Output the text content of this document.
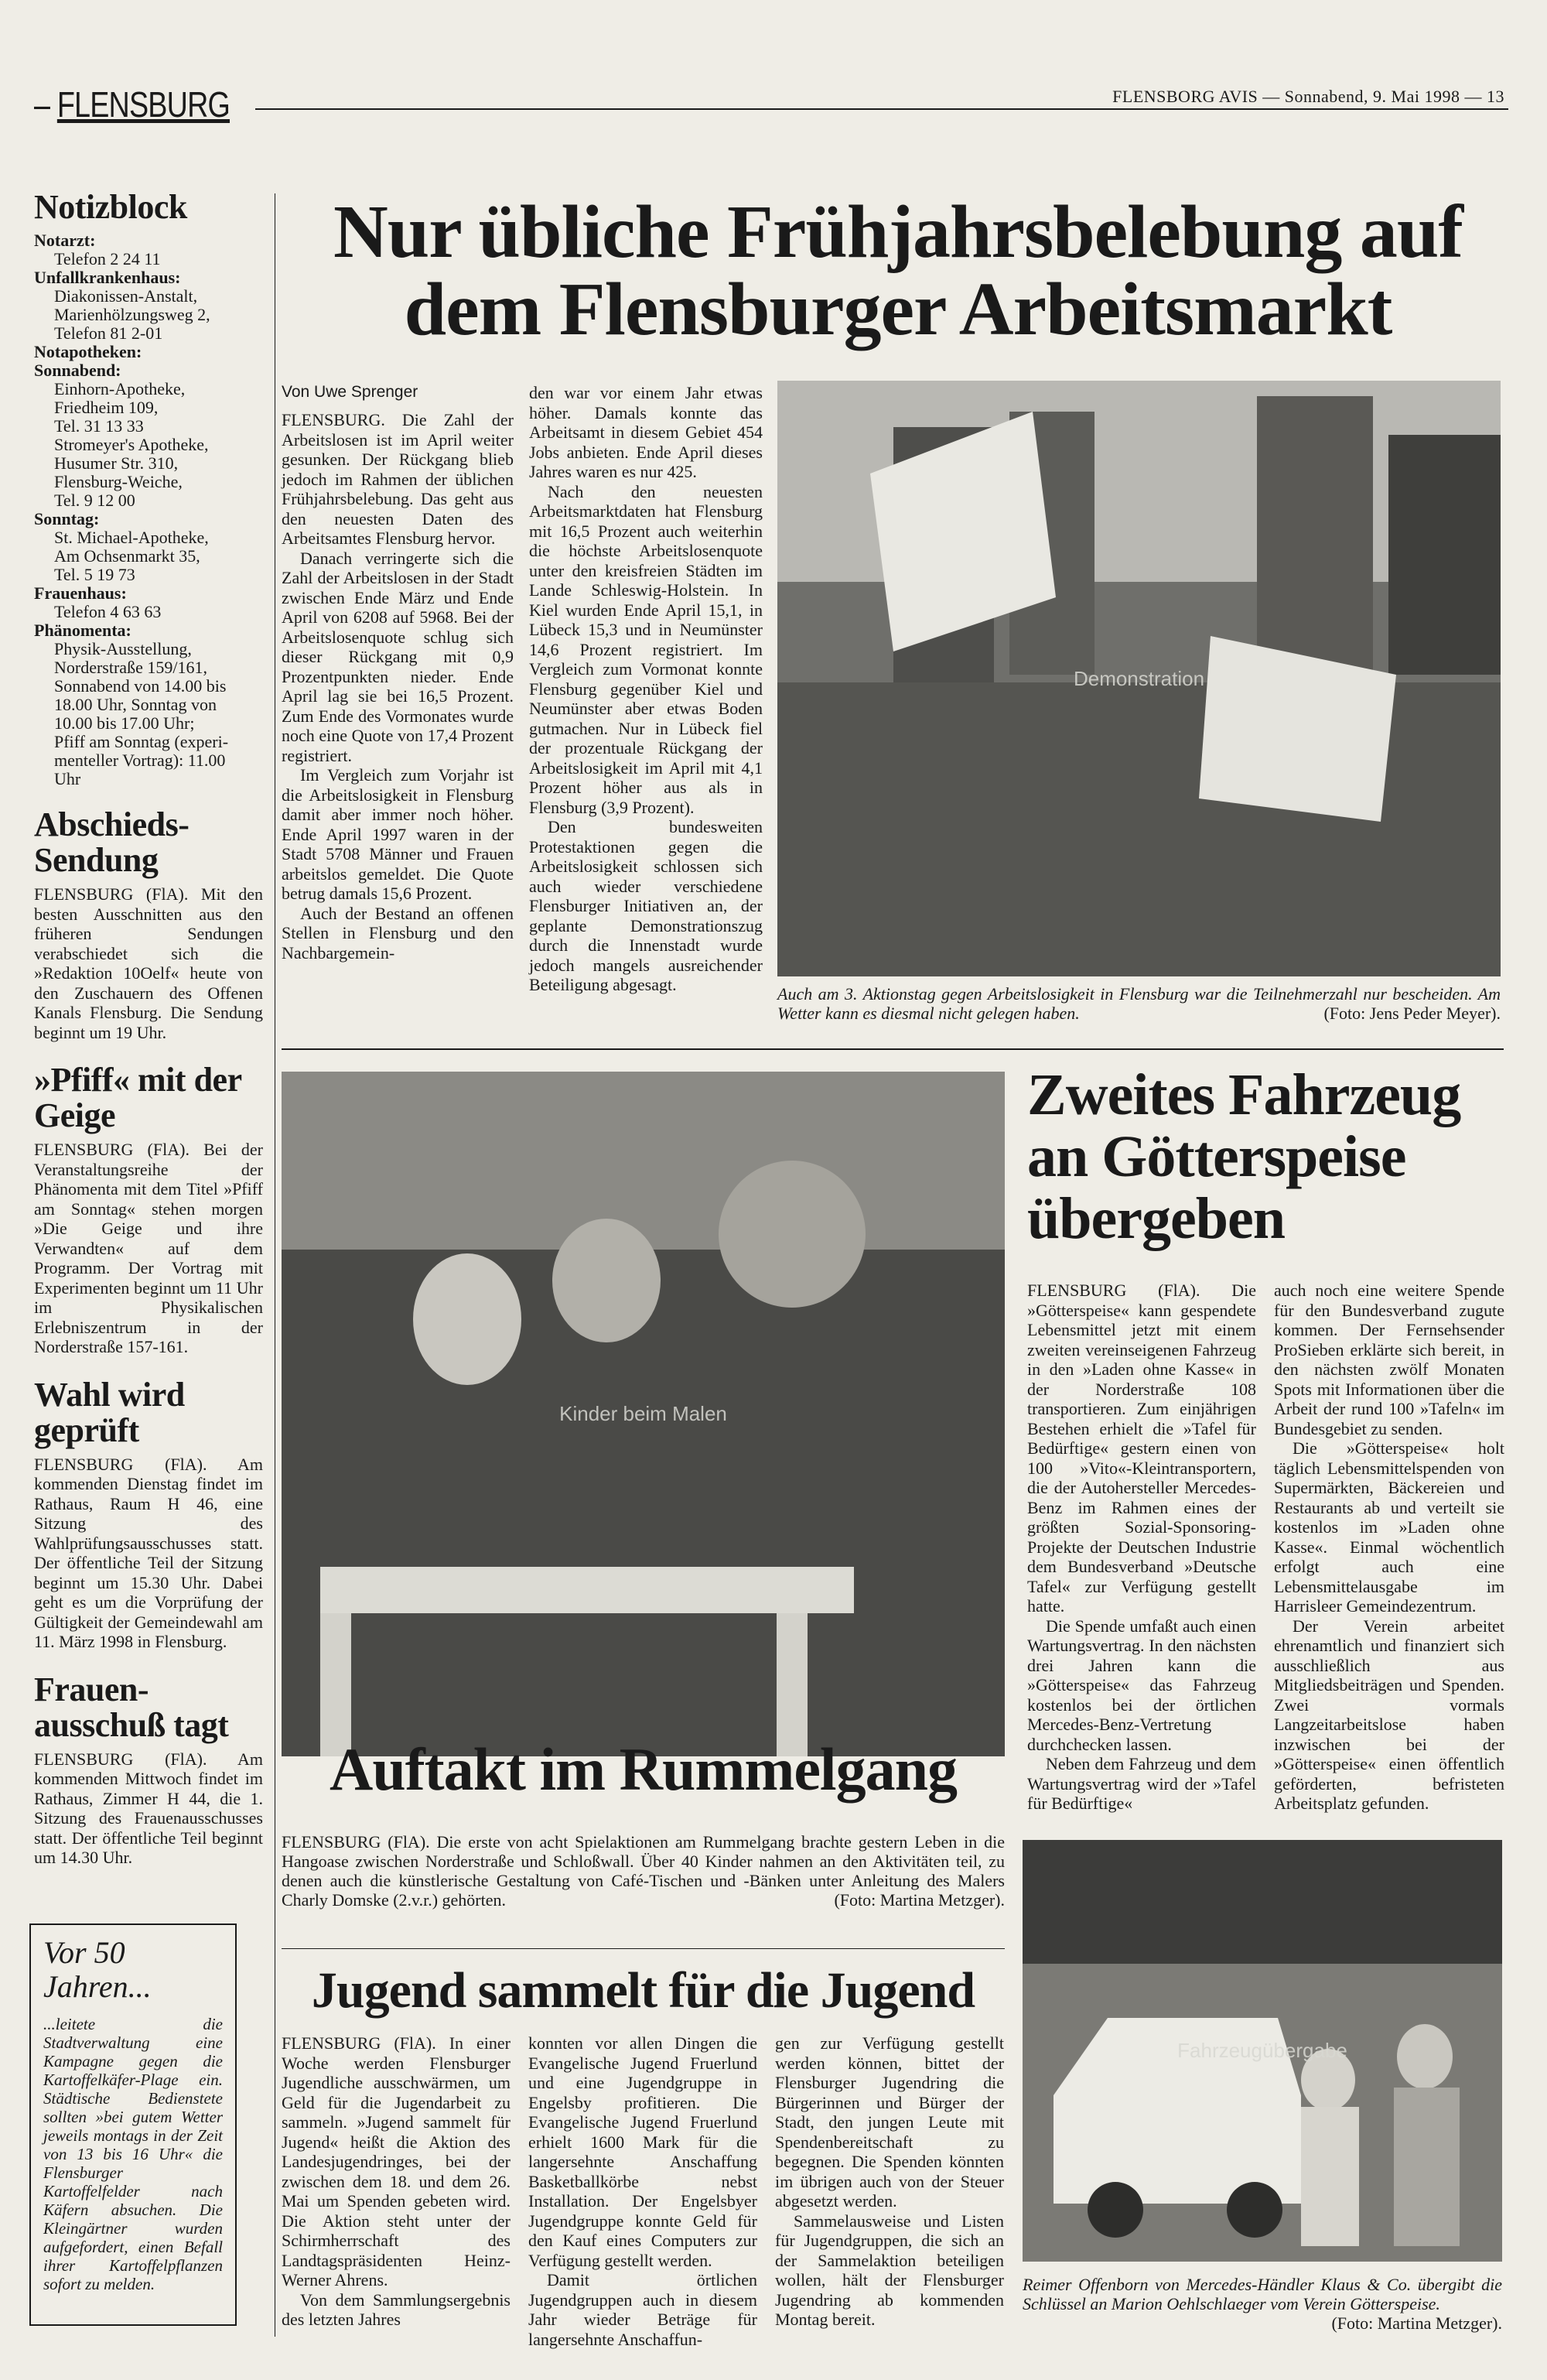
– FLENSBURG	FLENSBORG AVIS — Sonnabend, 9. Mai 1998 — 13
Notizblock
Notarzt:
Telefon 2 24 11
Unfallkrankenhaus:
Diakonissen-Anstalt,
Marienhölzungsweg 2,
Telefon 81 2-01
Notapotheken:
Sonnabend:
Einhorn-Apotheke,
Friedheim 109,
Tel. 31 13 33
Stromeyer's Apotheke,
Husumer Str. 310,
Flensburg-Weiche,
Tel. 9 12 00
Sonntag:
St. Michael-Apotheke,
Am Ochsenmarkt 35,
Tel. 5 19 73
Frauenhaus:
Telefon 4 63 63
Phänomenta:
Physik-Ausstellung,
Norderstraße 159/161,
Sonnabend von 14.00 bis
18.00 Uhr, Sonntag von
10.00 bis 17.00 Uhr;
Pfiff am Sonntag (experi-
menteller Vortrag): 11.00
Uhr
Abschieds-Sendung

FLENSBURG (FlA). Mit den besten Ausschnitten aus den früheren Sendungen verabschiedet sich die »Redaktion 10Oelf« heute von den Zuschauern des Offenen Kanals Flensburg. Die Sendung beginnt um 19 Uhr.

»Pfiff« mit der Geige

FLENSBURG (FlA). Bei der Veranstaltungsreihe der Phänomenta mit dem Titel »Pfiff am Sonntag« stehen morgen »Die Geige und ihre Verwandten« auf dem Programm. Der Vortrag mit Experimenten beginnt um 11 Uhr im Physikalischen Erlebniszentrum in der Norderstraße 157-161.

Wahl wird geprüft

FLENSBURG (FlA). Am kommenden Dienstag findet im Rathaus, Raum H 46, eine Sitzung des Wahlprüfungsausschusses statt. Der öffentliche Teil der Sitzung beginnt um 15.30 Uhr. Dabei geht es um die Vorprüfung der Gültigkeit der Gemeindewahl am 11. März 1998 in Flensburg.

Frauen-ausschuß tagt

FLENSBURG (FlA). Am kommenden Mittwoch findet im Rathaus, Zimmer H 44, die 1. Sitzung des Frauenausschusses statt. Der öffentliche Teil beginnt um 14.30 Uhr.

Vor 50 Jahren...

...leitete die Stadtverwaltung eine Kampagne gegen die Kartoffelkäfer-Plage ein. Städtische Bedienstete sollten »bei gutem Wetter jeweils montags in der Zeit von 13 bis 16 Uhr« die Flensburger Kartoffelfelder nach Käfern absuchen. Die Kleingärtner wurden aufgefordert, einen Befall ihrer Kartoffelpflanzen sofort zu melden.

Nur übliche Frühjahrsbelebung auf dem Flensburger Arbeitsmarkt
Von Uwe Sprenger

FLENSBURG. Die Zahl der Arbeitslosen ist im April weiter gesunken. Der Rückgang blieb jedoch im Rahmen der üblichen Frühjahrsbelebung. Das geht aus den neuesten Daten des Arbeitsamtes Flensburg hervor.

Danach verringerte sich die Zahl der Arbeitslosen in der Stadt zwischen Ende März und Ende April von 6208 auf 5968. Bei der Arbeitslosenquote schlug sich dieser Rückgang mit 0,9 Prozentpunkten nieder. Ende April lag sie bei 16,5 Prozent. Zum Ende des Vormonates wurde noch eine Quote von 17,4 Prozent registriert.

Im Vergleich zum Vorjahr ist die Arbeitslosigkeit in Flensburg damit aber immer noch höher. Ende April 1997 waren in der Stadt 5708 Männer und Frauen arbeitslos gemeldet. Die Quote betrug damals 15,6 Prozent.

Auch der Bestand an offenen Stellen in Flensburg und den Nachbargemein-

den war vor einem Jahr etwas höher. Damals konnte das Arbeitsamt in diesem Gebiet 454 Jobs anbieten. Ende April dieses Jahres waren es nur 425.

Nach den neuesten Arbeitsmarktdaten hat Flensburg mit 16,5 Prozent auch weiterhin die höchste Arbeitslosenquote unter den kreisfreien Städten im Lande Schleswig-Holstein. In Kiel wurden Ende April 15,1, in Lübeck 15,3 und in Neumünster 14,6 Prozent registriert. Im Vergleich zum Vormonat konnte Flensburg gegenüber Kiel und Neumünster aber etwas Boden gutmachen. Nur in Lübeck fiel der prozentuale Rückgang der Arbeitslosigkeit im April mit 4,1 Prozent höher aus als in Flensburg (3,9 Prozent).

Den bundesweiten Protestaktionen gegen die Arbeitslosigkeit schlossen sich auch wieder verschiedene Flensburger Initiativen an, der geplante Demonstrationszug durch die Innenstadt wurde jedoch mangels ausreichender Beteiligung abgesagt.

Demonstration
Auch am 3. Aktionstag gegen Arbeitslosigkeit in Flensburg war die Teilnehmerzahl nur bescheiden. Am Wetter kann es diesmal nicht gelegen haben.	(Foto: Jens Peder Meyer).
Kinder beim Malen
Auftakt im Rummelgang
FLENSBURG (FlA). Die erste von acht Spielaktionen am Rummelgang brachte gestern Leben in die Hangoase zwischen Norderstraße und Schloßwall. Über 40 Kinder nahmen an den Aktivitäten teil, zu denen auch die künstlerische Gestaltung von Café-Tischen und -Bänken unter Anleitung des Malers Charly Domske (2.v.r.) gehörten.	(Foto: Martina Metzger).
Jugend sammelt für die Jugend

FLENSBURG (FlA). In einer Woche werden Flensburger Jugendliche ausschwärmen, um Geld für die Jugendarbeit zu sammeln. »Jugend sammelt für Jugend« heißt die Aktion des Landesjugendringes, bei der zwischen dem 18. und dem 26. Mai um Spenden gebeten wird. Die Aktion steht unter der Schirmherrschaft des Landtagspräsidenten Heinz-Werner Ahrens.

Von dem Sammlungsergebnis des letzten Jahres

konnten vor allen Dingen die Evangelische Jugend Fruerlund und eine Jugendgruppe in Engelsby profitieren. Die Evangelische Jugend Fruerlund erhielt 1600 Mark für die langersehnte Anschaffung Basketballkörbe nebst Installation. Der Engelsbyer Jugendgruppe konnte Geld für den Kauf eines Computers zur Verfügung gestellt werden.

Damit örtlichen Jugendgruppen auch in diesem Jahr wieder Beträge für langersehnte Anschaffun-

gen zur Verfügung gestellt werden können, bittet der Flensburger Jugendring die Bürgerinnen und Bürger der Stadt, den jungen Leute mit Spendenbereitschaft zu begegnen. Die Spenden könnten im übrigen auch von der Steuer abgesetzt werden.

Sammelausweise und Listen für Jugendgruppen, die sich an der Sammelaktion beteiligen wollen, hält der Flensburger Jugendring ab kommenden Montag bereit.

Zweites Fahrzeug an Götterspeise übergeben

FLENSBURG (FlA). Die »Götterspeise« kann gespendete Lebensmittel jetzt mit einem zweiten vereinseigenen Fahrzeug in den »Laden ohne Kasse« in der Norderstraße 108 transportieren. Zum einjährigen Bestehen erhielt die »Tafel für Bedürftige« gestern einen von 100 »Vito«-Kleintransportern, die der Autohersteller Mercedes-Benz im Rahmen eines der größten Sozial-Sponsoring-Projekte der Deutschen Industrie dem Bundesverband »Deutsche Tafel« zur Verfügung gestellt hatte.

Die Spende umfaßt auch einen Wartungsvertrag. In den nächsten drei Jahren kann die »Götterspeise« das Fahrzeug kostenlos bei der örtlichen Mercedes-Benz-Vertretung durchchecken lassen.

Neben dem Fahrzeug und dem Wartungsvertrag wird der »Tafel für Bedürftige«

auch noch eine weitere Spende für den Bundesverband zugute kommen. Der Fernsehsender ProSieben erklärte sich bereit, in den nächsten zwölf Monaten Spots mit Informationen über die Arbeit der rund 100 »Tafeln« im Bundesgebiet zu senden.

Die »Götterspeise« holt täglich Lebensmittelspenden von Supermärkten, Bäckereien und Restaurants ab und verteilt sie kostenlos im »Laden ohne Kasse«. Einmal wöchentlich erfolgt auch eine Lebensmittelausgabe im Harrisleer Gemeindezentrum.

Der Verein arbeitet ehrenamtlich und finanziert sich ausschließlich aus Mitgliedsbeiträgen und Spenden. Zwei vormals Langzeitarbeitslose haben inzwischen bei der »Götterspeise« einen öffentlich geförderten, befristeten Arbeitsplatz gefunden.

Fahrzeugübergabe
Reimer Offenborn von Mercedes-Händler Klaus & Co. übergibt die Schlüssel an Marion Oehlschlaeger vom Verein Götterspeise.
(Foto: Martina Metzger).
